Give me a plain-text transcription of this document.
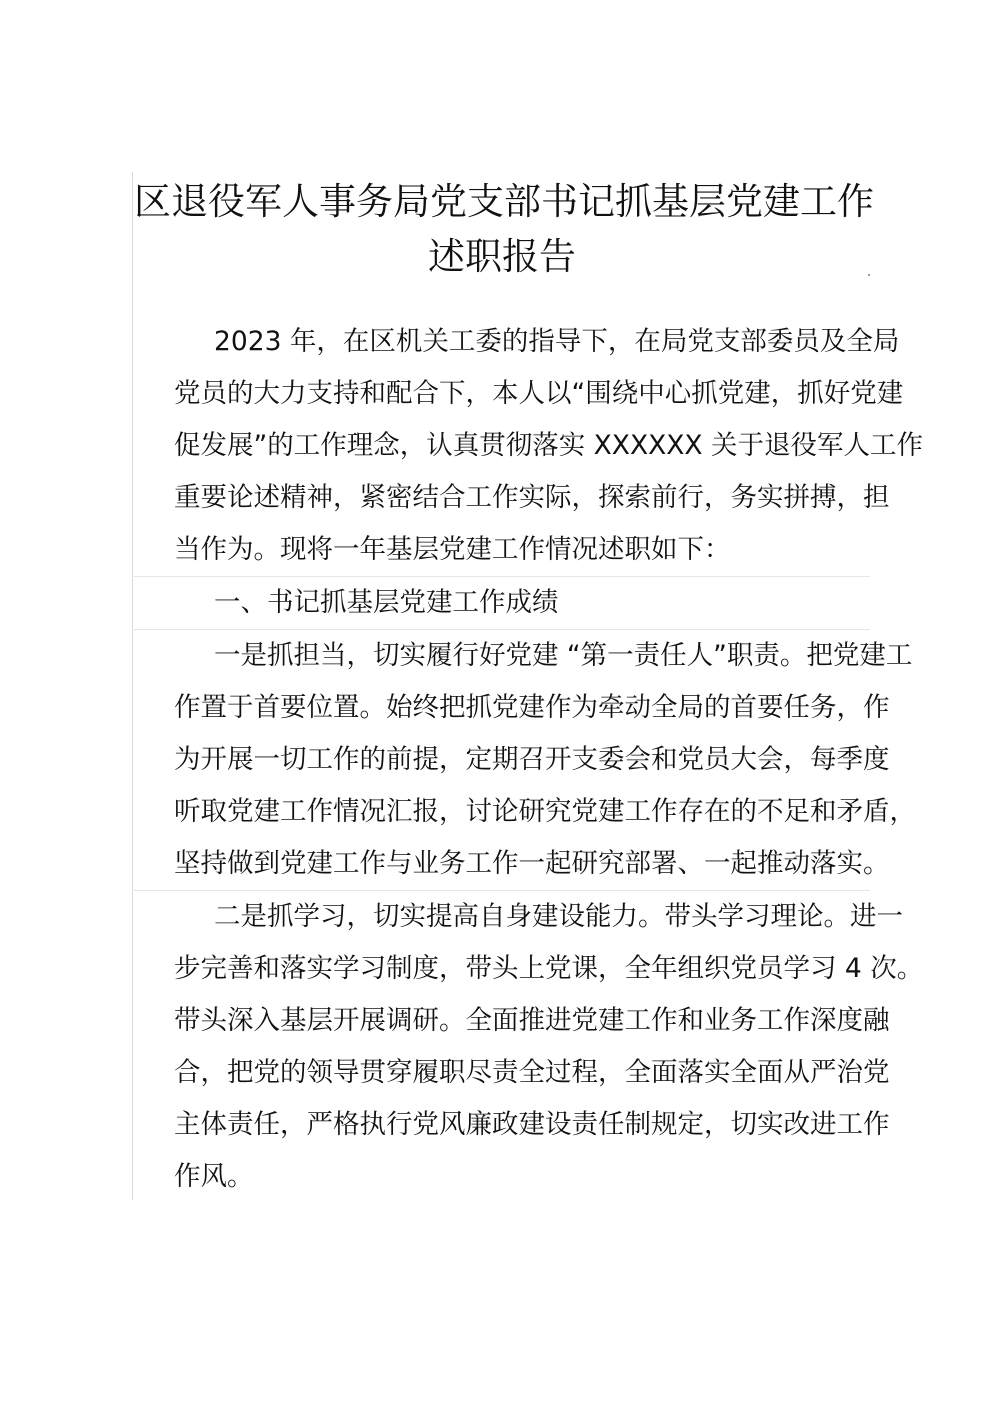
区退役军人事务局党支部书记抓基层党建工作
述职报告

2023 年，在区机关工委的指导下，在局党支部委员及全局
党员的大力支持和配合下，本人以“围绕中心抓党建，抓好党建
促发展”的工作理念，认真贯彻落实 XXXXXX 关于退役军人工作
重要论述精神，紧密结合工作实际，探索前行，务实拼搏，担
当作为。现将一年基层党建工作情况述职如下：

一、书记抓基层党建工作成绩

一是抓担当，切实履行好党建 “第一责任人”职责。把党建工
作置于首要位置。始终把抓党建作为牵动全局的首要任务，作
为开展一切工作的前提，定期召开支委会和党员大会，每季度
听取党建工作情况汇报，讨论研究党建工作存在的不足和矛盾，
坚持做到党建工作与业务工作一起研究部署、一起推动落实。

二是抓学习，切实提高自身建设能力。带头学习理论。进一
步完善和落实学习制度，带头上党课，全年组织党员学习 4 次。
带头深入基层开展调研。全面推进党建工作和业务工作深度融
合，把党的领导贯穿履职尽责全过程，全面落实全面从严治党
主体责任，严格执行党风廉政建设责任制规定，切实改进工作
作风。
